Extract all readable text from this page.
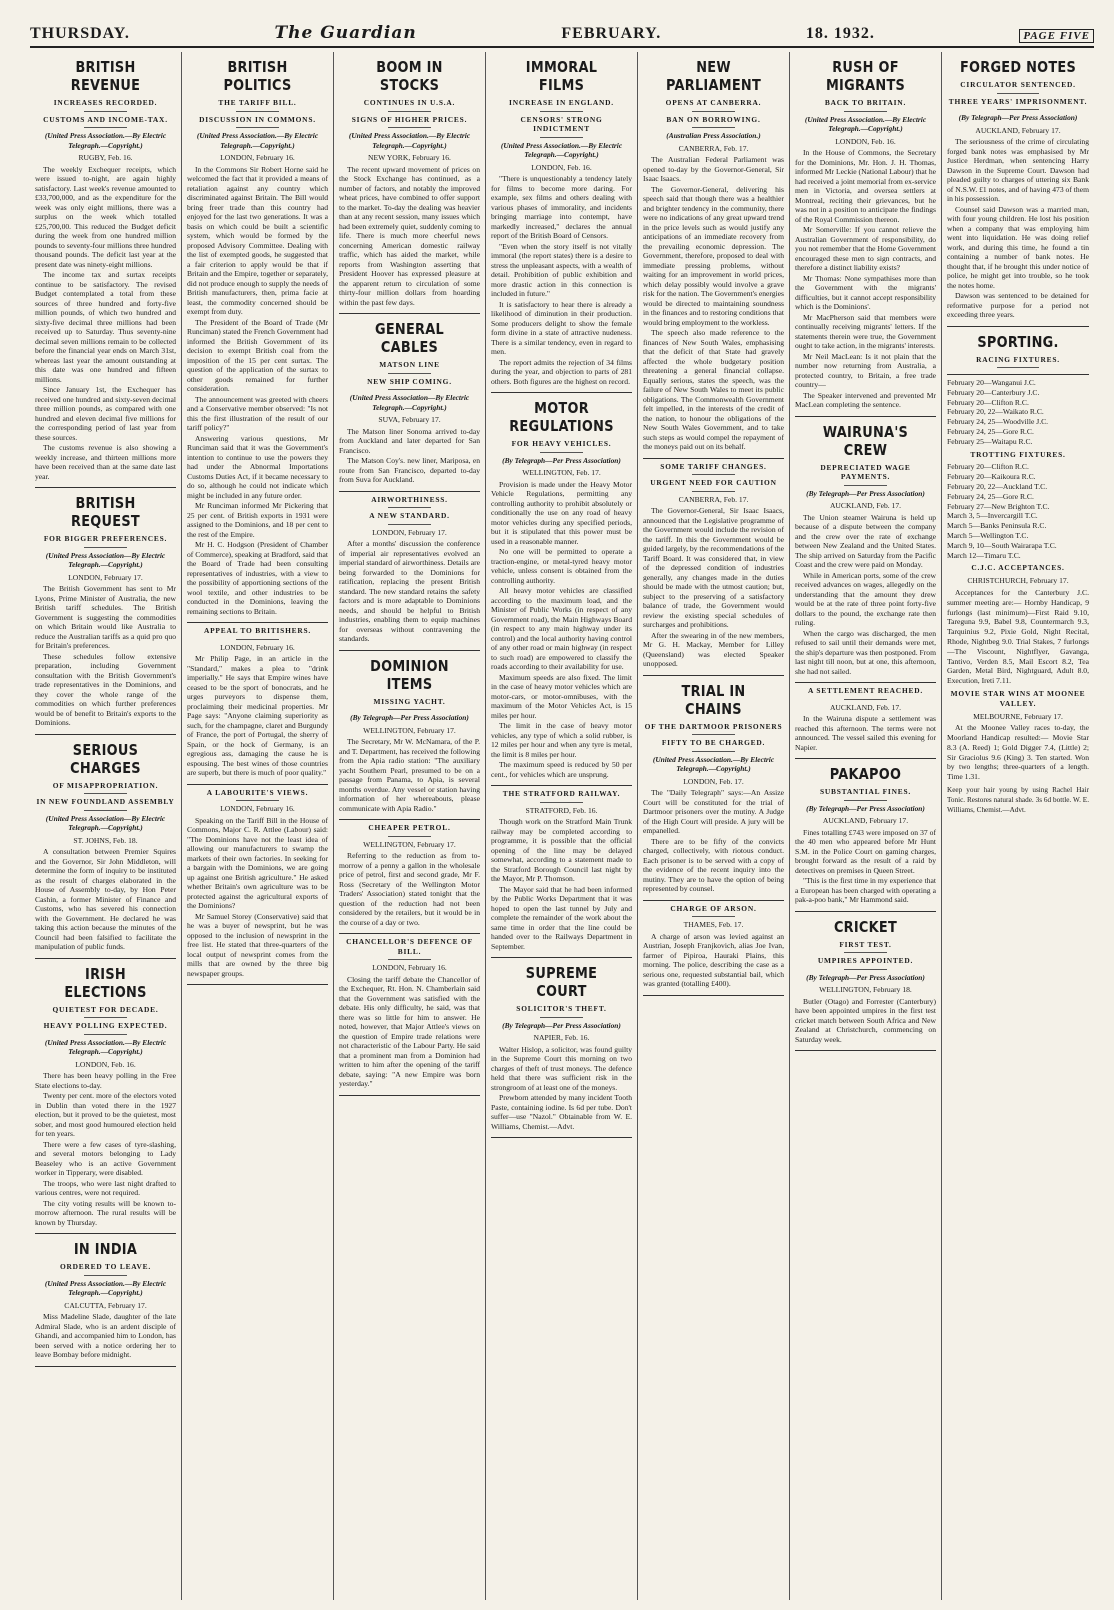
THURSDAY.	The Guardian	FEBRUARY.	18. 1932.	PAGE FIVE
BRITISH REVENUE
INCREASES RECORDED.
CUSTOMS AND INCOME-TAX.
(United Press Association.—By Electric Telegraph.—Copyright.)
RUGBY, Feb. 16.

The weekly Exchequer receipts, which were issued to-night, are again highly satisfactory. Last week's revenue amounted to £33,700,000, and as the expenditure for the week was only eight millions, there was a surplus on the week which totalled £25,700,00. This reduced the Budget deficit during the week from one hundred million pounds to seventy-four millions three hundred thousand pounds. The deficit last year at the present date was ninety-eight millions.

The income tax and surtax receipts continue to be satisfactory. The revised Budget contemplated a total from these sources of three hundred and forty-five million pounds, of which two hundred and sixty-five decimal three millions had been received up to Saturday. Thus seventy-nine decimal seven millions remain to be collected before the financial year ends on March 31st, whereas last year the amount outstanding at this date was one hundred and fifteen millions.

Since January 1st, the Exchequer has received one hundred and sixty-seven decimal three million pounds, as compared with one hundred and eleven decimal five millions for the corresponding period of last year from these sources.

The customs revenue is also showing a weekly increase, and thirteen millions more have been received than at the same date last year.

BRITISH REQUEST
FOR BIGGER PREFERENCES.
(United Press Association—By Electric Telegraph.—Copyright.)
LONDON, February 17.

The British Government has sent to Mr Lyons, Prime Minister of Australia, the new British tariff schedules. The British Government is suggesting the commodities on which Britain would like Australia to reduce the Australian tariffs as a quid pro quo for Britain's preferences.

These schedules follow extensive preparation, including Government consultation with the British Government's trade representatives in the Dominions, and they cover the whole range of the commodities on which further preferences would be of benefit to Britain's exports to the Dominions.

SERIOUS CHARGES
OF MISAPPROPRIATION.
IN NEW FOUNDLAND ASSEMBLY
(United Press Association—By Electric Telegraph.—Copyright.)
ST. JOHNS, Feb. 18.

A consultation between Premier Squires and the Governor, Sir John Middleton, will determine the form of inquiry to be instituted as the result of charges elaborated in the House of Assembly to-day, by Hon Peter Cashin, a former Minister of Finance and Customs, who has severed his connection with the Government. He declared he was taking this action because the minutes of the Council had been falsified to facilitate the manipulation of public funds.

IRISH ELECTIONS
QUIETEST FOR DECADE.
HEAVY POLLING EXPECTED.
(United Press Association.—By Electric Telegraph.—Copyright.)
LONDON, Feb. 16.

There has been heavy polling in the Free State elections to-day.

Twenty per cent. more of the electors voted in Dublin than voted there in the 1927 election, but it proved to be the quietest, most sober, and most good humoured election held for ten years.

There were a few cases of tyre-slashing, and several motors belonging to Lady Beaseley who is an active Government worker in Tipperary, were disabled.

The troops, who were last night drafted to various centres, were not required.

The city voting results will be known to-morrow afternoon. The rural results will be known by Thursday.

IN INDIA
ORDERED TO LEAVE.
(United Press Association.—By Electric Telegraph.—Copyright.)
CALCUTTA, February 17.

Miss Madeline Slade, daughter of the late Admiral Slade, who is an ardent disciple of Ghandi, and accompanied him to London, has been served with a notice ordering her to leave Bombay before midnight.

BRITISH POLITICS
THE TARIFF BILL.
DISCUSSION IN COMMONS.
(United Press Association.—By Electric Telegraph.—Copyright.)
LONDON, February 16.

In the Commons Sir Robert Horne said he welcomed the fact that it provided a means of retaliation against any country which discriminated against Britain. The Bill would bring freer trade than this country had enjoyed for the last two generations. It was a basis on which could be built a scientific system, which would be formed by the proposed Advisory Committee. Dealing with the list of exempted goods, he suggested that a fair criterion to apply would be that if Britain and the Empire, together or separately, did not produce enough to supply the needs of British manufacturers, then, prima facie at least, the commodity concerned should be exempt from duty.

The President of the Board of Trade (Mr Runciman) stated the French Government had informed the British Government of its decision to exempt British coal from the imposition of the 15 per cent surtax. The question of the application of the surtax to other goods remained for further consideration.

The announcement was greeted with cheers and a Conservative member observed: "Is not this the first illustration of the result of our tariff policy?"

Answering various questions, Mr Runciman said that it was the Government's intention to continue to use the powers they had under the Abnormal Importations Customs Duties Act, if it became necessary to do so, although he could not indicate which might be included in any future order.

Mr Runciman informed Mr Pickering that 25 per cent. of British exports in 1931 were assigned to the Dominions, and 18 per cent to the rest of the Empire.

Mr H. C. Hodgson (President of Chamber of Commerce), speaking at Bradford, said that the Board of Trade had been consulting representatives of industries, with a view to the possibility of apportioning sections of the wool textile, and other industries to be conducted in the Dominions, leaving the remaining sections to Britain.

APPEAL TO BRITISHERS.
LONDON, February 16.

Mr Philip Page, in an article in the "Standard," makes a plea to "drink imperially." He says that Empire wines have ceased to be the sport of bonocrats, and he urges purveyors to dispense them, proclaiming their medicinal properties. Mr Page says: "Anyone claiming superiority as such, for the champagne, claret and Burgundy of France, the port of Portugal, the sherry of Spain, or the hock of Germany, is an egregious ass, damaging the cause he is espousing. The best wines of those countries are superb, but there is much of poor quality."

A LABOURITE'S VIEWS.
LONDON, February 16.

Speaking on the Tariff Bill in the House of Commons, Major C. R. Attlee (Labour) said: "The Dominions have not the least idea of allowing our manufacturers to swamp the markets of their own factories. In seeking for a bargain with the Dominions, we are going up against one British agriculture." He asked whether Britain's own agriculture was to be protected against the agricultural exports of the Dominions?

Mr Samuel Storey (Conservative) said that he was a buyer of newsprint, but he was opposed to the inclusion of newsprint in the free list. He stated that three-quarters of the local output of newsprint comes from the mills that are owned by the three big newspaper groups.

BOOM IN STOCKS
CONTINUES IN U.S.A.
SIGNS OF HIGHER PRICES.
(United Press Association.—By Electric Telegraph.—Copyright.)
NEW YORK, February 16.

The recent upward movement of prices on the Stock Exchange has continued, as a number of factors, and notably the improved wheat prices, have combined to offer support to the market. To-day the dealing was heavier than at any recent session, many issues which had been extremely quiet, suddenly coming to life. There is much more cheerful news concerning American domestic railway traffic, which has aided the market, while reports from Washington asserting that President Hoover has expressed pleasure at the apparent return to circulation of some thirty-four million dollars from hoarding within the past few days.

GENERAL CABLES
MATSON LINE
NEW SHIP COMING.
(United Press Association—By Electric Telegraph.—Copyright.)
SUVA, February 17.

The Matson liner Sonoma arrived to-day from Auckland and later departed for San Francisco.

The Matson Coy's. new liner, Mariposa, en route from San Francisco, departed to-day from Suva for Auckland.

AIRWORTHINESS.
A NEW STANDARD.
LONDON, February 17.

After a months' discussion the conference of imperial air representatives evolved an imperial standard of airworthiness. Details are being forwarded to the Dominions for ratification, replacing the present British standard. The new standard retains the safety factors and is more adaptable to Dominions needs, and should be helpful to British industries, enabling them to equip machines for overseas without contravening the standards.

DOMINION ITEMS
MISSING YACHT.
(By Telegraph—Per Press Association)
WELLINGTON, February 17.

The Secretary, Mr W. McNamara, of the P. and T. Department, has received the following from the Apia radio station: "The auxiliary yacht Southern Pearl, presumed to be on a passage from Panama, to Apia, is several months overdue. Any vessel or station having information of her whereabouts, please communicate with Apia Radio."

CHEAPER PETROL.
WELLINGTON, February 17.

Referring to the reduction as from to-morrow of a penny a gallon in the wholesale price of petrol, first and second grade, Mr F. Ross (Secretary of the Wellington Motor Traders' Association) stated tonight that the question of the reduction had not been considered by the retailers, but it would be in the course of a day or two.

CHANCELLOR'S DEFENCE OF BILL.
LONDON, February 16.

Closing the tariff debate the Chancellor of the Exchequer, Rt. Hon. N. Chamberlain said that the Government was satisfied with the debate. His only difficulty, he said, was that there was so little for him to answer. He noted, however, that Major Attlee's views on the question of Empire trade relations were not characteristic of the Labour Party. He said that a prominent man from a Dominion had written to him after the opening of the tariff debate, saying: "A new Empire was born yesterday."

IMMORAL FILMS
INCREASE IN ENGLAND.
CENSORS' STRONG INDICTMENT
(United Press Association.—By Electric Telegraph.—Copyright.)
LONDON, Feb. 16.

"There is unquestionably a tendency lately for films to become more daring. For example, sex films and others dealing with various phases of immorality, and incidents bringing marriage into contempt, have markedly increased," declares the annual report of the British Board of Censors.

"Even when the story itself is not vitally immoral (the report states) there is a desire to stress the unpleasant aspects, with a wealth of detail. Prohibition of public exhibition and more drastic action in this connection is included in future."

It is satisfactory to hear there is already a likelihood of diminution in their production. Some producers delight to show the female form divine in a state of attractive nudeness. There is a similar tendency, even in regard to men.

The report admits the rejection of 34 films during the year, and objection to parts of 281 others. Both figures are the highest on record.

MOTOR REGULATIONS
FOR HEAVY VEHICLES.
(By Telegraph—Per Press Association)
WELLINGTON, Feb. 17.

Provision is made under the Heavy Motor Vehicle Regulations, permitting any controlling authority to prohibit absolutely or conditionally the use on any road of heavy motor vehicles during any specified periods, but it is stipulated that this power must be used in a reasonable manner.

No one will be permitted to operate a traction-engine, or metal-tyred heavy motor vehicle, unless consent is obtained from the controlling authority.

All heavy motor vehicles are classified according to the maximum load, and the Minister of Public Works (in respect of any Government road), the Main Highways Board (in respect to any main highway under its control) and the local authority having control of any other road or main highway (in respect to such road) are empowered to classify the roads according to their availability for use.

Maximum speeds are also fixed. The limit in the case of heavy motor vehicles which are motor-cars, or motor-omnibuses, with the maximum of the Motor Vehicles Act, is 15 miles per hour.

The limit in the case of heavy motor vehicles, any type of which a solid rubber, is 12 miles per hour and when any tyre is metal, the limit is 8 miles per hour.

The maximum speed is reduced by 50 per cent., for vehicles which are unsprung.

THE STRATFORD RAILWAY.
STRATFORD, Feb. 16.

Though work on the Stratford Main Trunk railway may be completed according to programme, it is possible that the official opening of the line may be delayed somewhat, according to a statement made to the Stratford Borough Council last night by the Mayor, Mr P. Thomson.

The Mayor said that he had been informed by the Public Works Department that it was hoped to open the last tunnel by July and complete the remainder of the work about the same time in order that the line could be handed over to the Railways Department in September.

SUPREME COURT
SOLICITOR'S THEFT.
(By Telegraph—Per Press Association)
NAPIER, Feb. 16.

Walter Hislop, a solicitor, was found guilty in the Supreme Court this morning on two charges of theft of trust moneys. The defence held that there was sufficient risk in the strongroom of at least one of the moneys.

Prewborn attended by many incident Tooth Paste, containing iodine. Is 6d per tube. Don't suffer—use "Nazol." Obtainable from W. E. Williams, Chemist.—Advt.

NEW PARLIAMENT
OPENS AT CANBERRA.
BAN ON BORROWING.
(Australian Press Association.)
CANBERRA, Feb. 17.

The Australian Federal Parliament was opened to-day by the Governor-General, Sir Isaac Isaacs.

The Governor-General, delivering his speech said that though there was a healthier and brighter tendency in the community, there were no indications of any great upward trend in the price levels such as would justify any anticipations of an immediate recovery from the prevailing economic depression. The Government, therefore, proposed to deal with immediate pressing problems, without waiting for an improvement in world prices, which delay possibly would involve a grave risk for the nation. The Government's energies would be directed to maintaining soundness in the finances and to restoring conditions that would bring employment to the workless.

The speech also made reference to the finances of New South Wales, emphasising that the deficit of that State had gravely affected the whole budgetary position threatening a general financial collapse. Equally serious, states the speech, was the failure of New South Wales to meet its public obligations. The Commonwealth Government felt impelled, in the interests of the credit of the nation, to honour the obligations of the New South Wales Government, and to take such steps as would compel the repayment of the moneys paid out on its behalf.

SOME TARIFF CHANGES.
URGENT NEED FOR CAUTION
CANBERRA, Feb. 17.

The Governor-General, Sir Isaac Isaacs, announced that the Legislative programme of the Government would include the revision of the tariff. In this the Government would be guided largely, by the recommendations of the Tariff Board. It was considered that, in view of the depressed condition of industries generally, any changes made in the duties should be made with the utmost caution; but, subject to the preserving of a satisfactory balance of trade, the Government would review the existing special schedules of surcharges and prohibitions.

After the swearing in of the new members, Mr G. H. Mackay, Member for Lilley (Queensland) was elected Speaker unopposed.

TRIAL IN CHAINS
OF THE DARTMOOR PRISONERS
FIFTY TO BE CHARGED.
(United Press Association.—By Electric Telegraph.—Copyright.)
LONDON, Feb. 17.

The "Daily Telegraph" says:—An Assize Court will be constituted for the trial of Dartmoor prisoners over the mutiny. A Judge of the High Court will preside. A jury will be empanelled.

There are to be fifty of the convicts charged, collectively, with riotous conduct. Each prisoner is to be served with a copy of the evidence of the recent inquiry into the mutiny. They are to have the option of being represented by counsel.

CHARGE OF ARSON.
THAMES, Feb. 17.

A charge of arson was levied against an Austrian, Joseph Franjkovich, alias Joe Ivan, farmer of Pipiroa, Hauraki Plains, this morning. The police, describing the case as a serious one, requested substantial bail, which was granted (totalling £400).

RUSH OF MIGRANTS
BACK TO BRITAIN.
(United Press Association.—By Electric Telegraph.—Copyright.)
LONDON, Feb. 16.

In the House of Commons, the Secretary for the Dominions, Mr. Hon. J. H. Thomas, informed Mr Leckie (National Labour) that he had received a joint memorial from ex-service men in Victoria, and oversea settlers at Montreal, reciting their grievances, but he was not in a position to anticipate the findings of the Royal Commission thereon.

Mr Somerville: If you cannot relieve the Australian Government of responsibility, do you not remember that the Home Government encouraged these men to sign contracts, and therefore a distinct liability exists?

Mr Thomas: None sympathises more than the Government with the migrants' difficulties, but it cannot accept responsibility which is the Dominions'.

Mr MacPherson said that members were continually receiving migrants' letters. If the statements therein were true, the Government ought to take action, in the migrants' interests.

Mr Neil MacLean: Is it not plain that the number now returning from Australia, a protected country, to Britain, a free trade country—

The Speaker intervened and prevented Mr MacLean completing the sentence.

WAIRUNA'S CREW
DEPRECIATED WAGE PAYMENTS.
(By Telegraph—Per Press Association)
AUCKLAND, Feb. 17.

The Union steamer Wairuna is held up because of a dispute between the company and the crew over the rate of exchange between New Zealand and the United States. The ship arrived on Saturday from the Pacific Coast and the crew were paid on Monday.

While in American ports, some of the crew received advances on wages, allegedly on the understanding that the amount they drew would be at the rate of three point forty-five dollars to the pound, the exchange rate then ruling.

When the cargo was discharged, the men refused to sail until their demands were met, the ship's departure was then postponed. From last night till noon, but at one, this afternoon, she had not sailed.

A SETTLEMENT REACHED.
AUCKLAND, Feb. 17.

In the Wairuna dispute a settlement was reached this afternoon. The terms were not announced. The vessel sailed this evening for Napier.

PAKAPOO
SUBSTANTIAL FINES.
(By Telegraph—Per Press Association)
AUCKLAND, February 17.

Fines totalling £743 were imposed on 37 of the 40 men who appeared before Mr Hunt S.M. in the Police Court on gaming charges, brought forward as the result of a raid by detectives on premises in Queen Street.

"This is the first time in my experience that a European has been charged with operating a pak-a-poo bank," Mr Hammond said.

CRICKET
FIRST TEST.
UMPIRES APPOINTED.
(By Telegraph—Per Press Association)
WELLINGTON, February 18.

Butler (Otago) and Forrester (Canterbury) have been appointed umpires in the first test cricket match between South Africa and New Zealand at Christchurch, commencing on Saturday week.

FORGED NOTES
CIRCULATOR SENTENCED.
THREE YEARS' IMPRISONMENT.
(By Telegraph—Per Press Association)
AUCKLAND, February 17.

The seriousness of the crime of circulating forged bank notes was emphasised by Mr Justice Herdman, when sentencing Harry Dawson in the Supreme Court. Dawson had pleaded guilty to charges of uttering six Bank of N.S.W. £1 notes, and of having 473 of them in his possession.

Counsel said Dawson was a married man, with four young children. He lost his position when a company that was employing him went into liquidation. He was doing relief work, and during this time, he found a tin containing a number of bank notes. He thought that, if he brought this under notice of police, he might get into trouble, so he took the notes home.

Dawson was sentenced to be detained for reformative purpose for a period not exceeding three years.

SPORTING.
RACING FIXTURES.
February 20—Wanganui J.C.
February 20—Canterbury J.C.
February 20—Clifton R.C.
February 20, 22—Waikato R.C.
February 24, 25—Woodville J.C.
February 24, 25—Gore R.C.
February 25—Waitapu R.C.
TROTTING FIXTURES.
February 20—Clifton R.C.
February 20—Kaikoura R.C.
February 20, 22—Auckland T.C.
February 24, 25—Gore R.C.
February 27—New Brighton T.C.
March 3, 5—Invercargill T.C.
March 5—Banks Peninsula R.C.
March 5—Wellington T.C.
March 9, 10—South Wairarapa T.C.
March 12—Timaru T.C.
C.J.C. ACCEPTANCES.
CHRISTCHURCH, February 17.

Acceptances for the Canterbury J.C. summer meeting are:— Hornby Handicap, 9 furlongs (last minimum)—First Raid 9.10, Tareguna 9.9, Babel 9.8, Countermarch 9.3, Tarquinius 9.2, Pixie Gold, Night Recital, Rhode, Nightbeg 9.0. Trial Stakes, 7 furlongs—The Viscount, Nightflyer, Gavanga, Tantivo, Verden 8.5, Mail Escort 8.2, Tea Garden, Metal Bird, Nightguard, Adult 8.0, Execution, Ireti 7.11.

MOVIE STAR WINS AT MOONEE VALLEY.
MELBOURNE, February 17.

At the Moonee Valley races to-day, the Moorland Handicap resulted:— Movie Star 8.3 (A. Reed) 1; Gold Digger 7.4, (Little) 2; Sir Graciolus 9.6 (King) 3. Ten started. Won by two lengths; three-quarters of a length. Time 1.31.

Keep your hair young by using Rachel Hair Tonic. Restores natural shade. 3s 6d bottle. W. E. Williams, Chemist.—Advt.
